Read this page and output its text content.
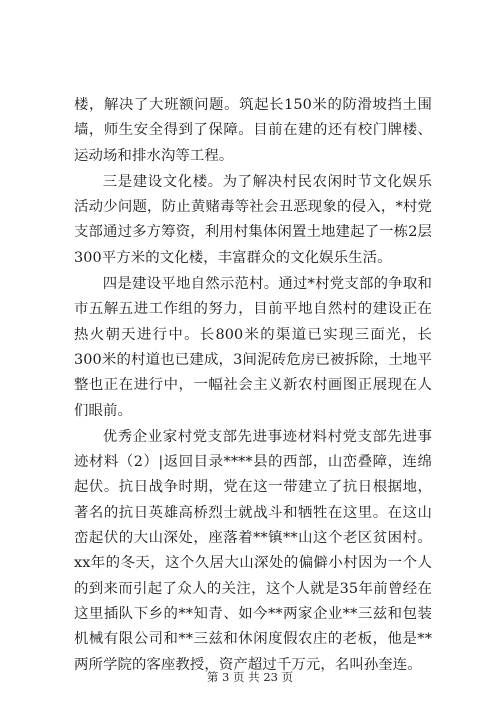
楼，解决了大班额问题。筑起长150米的防滑坡挡土围墙，师生安全得到了保障。目前在建的还有校门牌楼、运动场和排水沟等工程。

三是建设文化楼。为了解决村民农闲时节文化娱乐活动少问题，防止黄赌毒等社会丑恶现象的侵入，*村党支部通过多方筹资，利用村集体闲置土地建起了一栋2层300平方米的文化楼，丰富群众的文化娱乐生活。

四是建设平地自然示范村。通过*村党支部的争取和市五解五进工作组的努力，目前平地自然村的建设正在热火朝天进行中。长800米的渠道已实现三面光，长300米的村道也已建成，3间泥砖危房已被拆除，土地平整也正在进行中，一幅社会主义新农村画图正展现在人们眼前。

优秀企业家村党支部先进事迹材料村党支部先进事迹材料（2）|返回目录****县的西部，山峦叠障，连绵起伏。抗日战争时期，党在这一带建立了抗日根据地，著名的抗日英雄高桥烈士就战斗和牺牲在这里。在这山峦起伏的大山深处，座落着**镇**山这个老区贫困村。xx年的冬天，这个久居大山深处的偏僻小村因为一个人的到来而引起了众人的关注，这个人就是35年前曾经在这里插队下乡的**知青、如今**两家企业**三兹和包装机械有限公司和**三兹和休闲度假农庄的老板，他是**两所学院的客座教授，资产超过千万元，名叫孙奎连。

第 3 页 共 23 页
